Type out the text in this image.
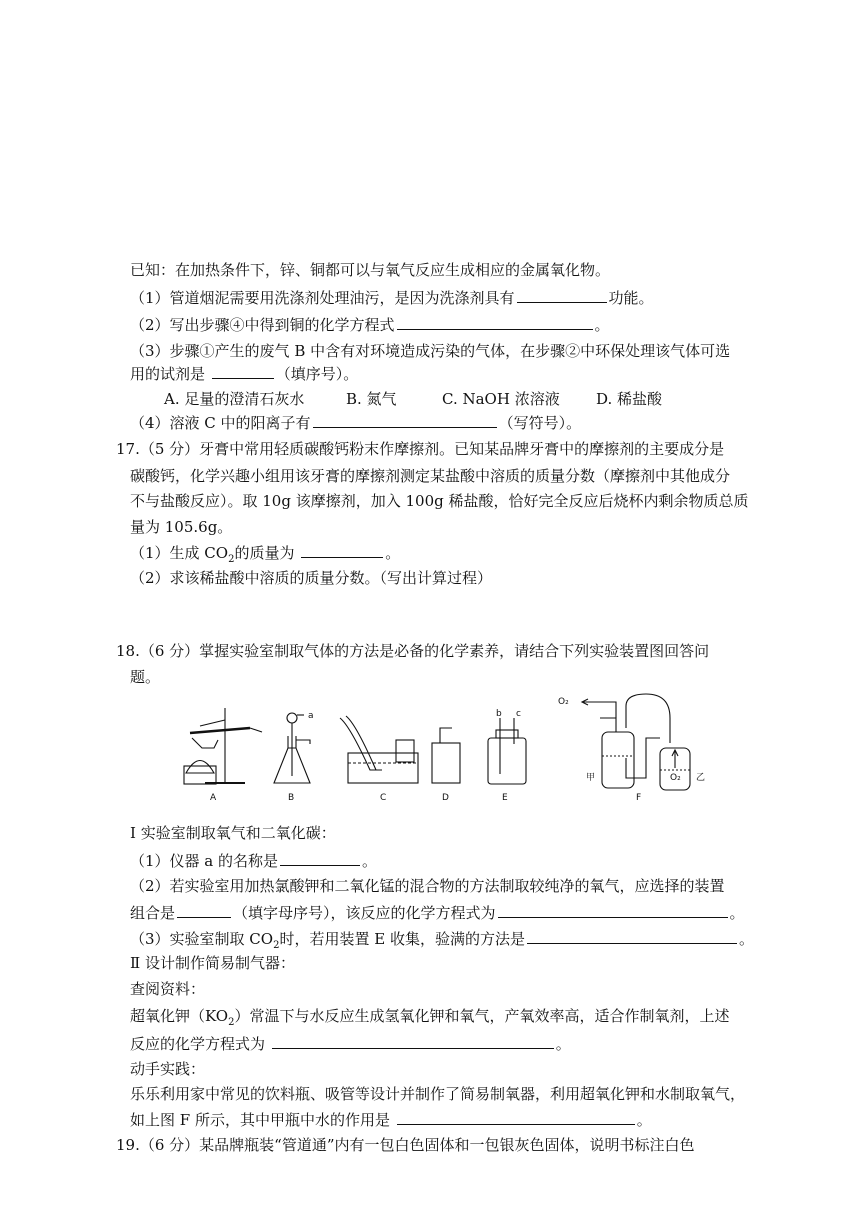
已知：在加热条件下，锌、铜都可以与氧气反应生成相应的金属氧化物。
（1）管道烟泥需要用洗涤剂处理油污，是因为洗涤剂具有	功能。
（2）写出步骤④中得到铜的化学方程式	。
（3）步骤①产生的废气 B 中含有对环境造成污染的气体，在步骤②中环保处理该气体可选
用的试剂是	（填序号）。
A. 足量的澄清石灰水	B. 氮气	C. NaOH 浓溶液 D. 稀盐酸
（4）溶液 C 中的阳离子有	（写符号）。
17.（5 分）牙膏中常用轻质碳酸钙粉末作摩擦剂。已知某品牌牙膏中的摩擦剂的主要成分是
碳酸钙，化学兴趣小组用该牙膏的摩擦剂测定某盐酸中溶质的质量分数（摩擦剂中其他成分
不与盐酸反应）。取 10g 该摩擦剂，加入 100g 稀盐酸，恰好完全反应后烧杯内剩余物质总质
量为 105.6g。
（1）生成 $CO_2$的质量为	。
（2）求该稀盐酸中溶质的质量分数。（写出计算过程）
18.（6 分）掌握实验室制取气体的方法是必备的化学素养，请结合下列实验装置图回答问
题。
A	B	C	D	E	F
a	b c
O₂
O₂
甲	乙
Ⅰ 实验室制取氧气和二氧化碳：
（1）仪器 a 的名称是	。
（2）若实验室用加热氯酸钾和二氧化锰的混合物的方法制取较纯净的氧气，应选择的装置
组合是	（填字母序号），该反应的化学方程式为	。
（3）实验室制取 $CO_2$时，若用装置 E 收集，验满的方法是	。
Ⅱ 设计制作简易制气器：
查阅资料：
超氧化钾$(KO_2)$常温下与水反应生成氢氧化钾和氧气，产氧效率高，适合作制氧剂，上述
反应的化学方程式为	。
动手实践：
乐乐利用家中常见的饮料瓶、吸管等设计并制作了简易制氧器，利用超氧化钾和水制取氧气，
如上图 F 所示，其中甲瓶中水的作用是	。
19.（6 分）某品牌瓶装“管道通”内有一包白色固体和一包银灰色固体，说明书标注白色
